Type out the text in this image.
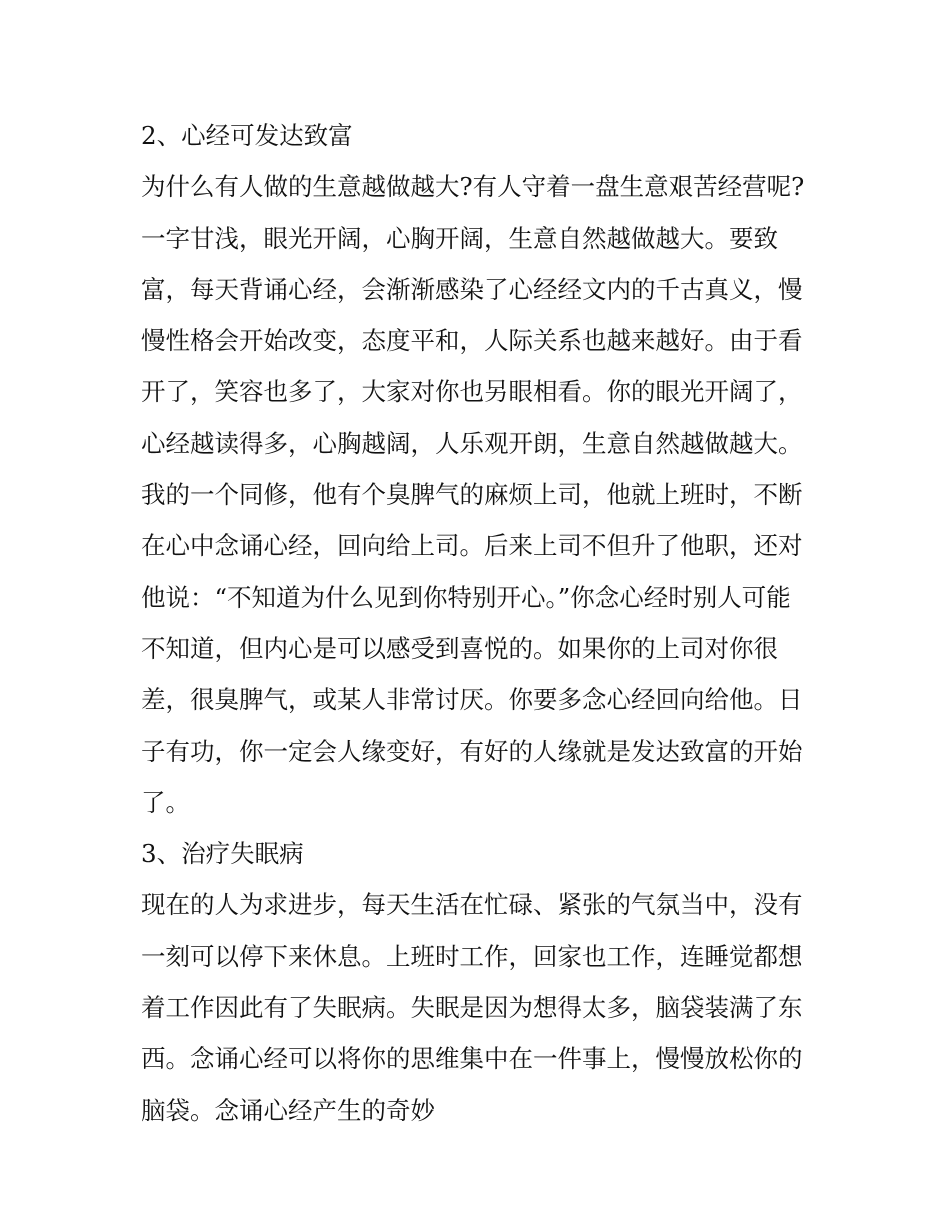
2、心经可发达致富
为什么有人做的生意越做越大?有人守着一盘生意艰苦经营呢?
一字甘浅，眼光开阔，心胸开阔，生意自然越做越大。要致
富，每天背诵心经，会渐渐感染了心经经文内的千古真义，慢
慢性格会开始改变，态度平和，人际关系也越来越好。由于看
开了，笑容也多了，大家对你也另眼相看。你的眼光开阔了，
心经越读得多，心胸越阔，人乐观开朗，生意自然越做越大。
我的一个同修，他有个臭脾气的麻烦上司，他就上班时，不断
在心中念诵心经，回向给上司。后来上司不但升了他职，还对
他说：“不知道为什么见到你特别开心。”你念心经时别人可能
不知道，但内心是可以感受到喜悦的。如果你的上司对你很
差，很臭脾气，或某人非常讨厌。你要多念心经回向给他。日
子有功，你一定会人缘变好，有好的人缘就是发达致富的开始
了。
3、治疗失眠病
现在的人为求进步，每天生活在忙碌、紧张的气氛当中，没有
一刻可以停下来休息。上班时工作，回家也工作，连睡觉都想
着工作因此有了失眠病。失眠是因为想得太多，脑袋装满了东
西。念诵心经可以将你的思维集中在一件事上，慢慢放松你的
脑袋。念诵心经产生的奇妙
